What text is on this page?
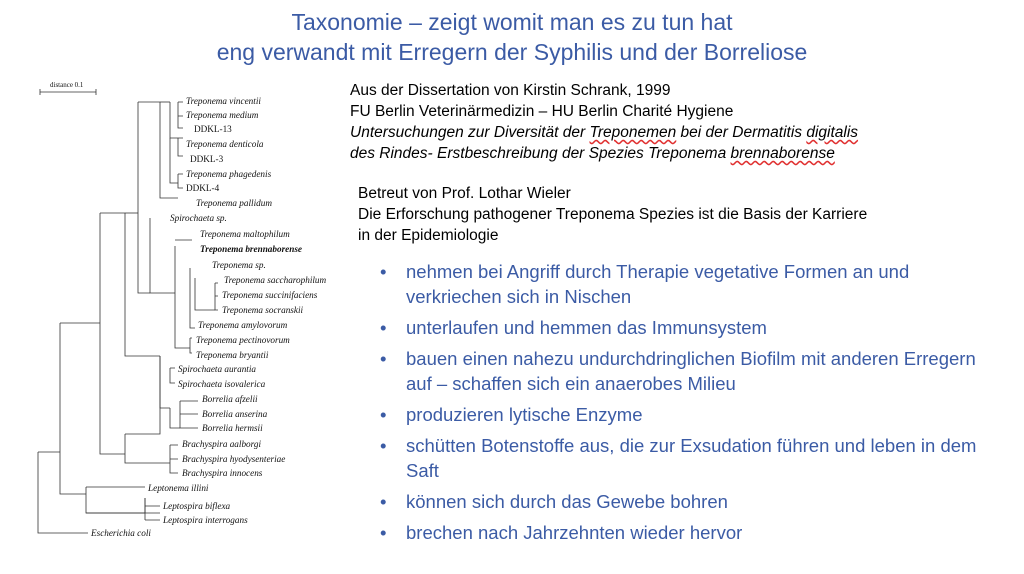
Taxonomie – zeigt womit man es zu tun hat
eng verwandt mit Erregern der Syphilis und der Borreliose
distance 0.1
Treponema vincentii
Treponema medium
DDKL-13
Treponema denticola
DDKL-3
Treponema phagedenis
DDKL-4
Treponema pallidum
Spirochaeta sp.
Treponema maltophilum
Treponema brennaborense
Treponema sp.
Treponema saccharophilum
Treponema succinifaciens
Treponema socranskii
Treponema amylovorum
Treponema pectinovorum
Treponema bryantii
Spirochaeta aurantia
Spirochaeta isovalerica
Borrelia afzelii
Borrelia anserina
Borrelia hermsii
Brachyspira aalborgi
Brachyspira hyodysenteriae
Brachyspira innocens
Leptonema illini
Leptospira biflexa
Leptospira interrogans
Escherichia coli
Aus der Dissertation von Kirstin Schrank, 1999
FU Berlin Veterinärmedizin – HU Berlin Charité Hygiene
Untersuchungen zur Diversität der Treponemen bei der Dermatitis digitalis
des Rindes- Erstbeschreibung der Spezies Treponema brennaborense
Betreut von Prof. Lothar Wieler
Die Erforschung pathogener Treponema Spezies ist die Basis der Karriere
in der Epidemiologie
• nehmen bei Angriff durch Therapie vegetative Formen an und verkriechen sich in Nischen
• unterlaufen und hemmen das Immunsystem
• bauen einen nahezu undurchdringlichen Biofilm mit anderen Erregern auf – schaffen sich ein anaerobes Milieu
• produzieren lytische Enzyme
• schütten Botenstoffe aus, die zur Exsudation führen und leben in dem Saft
• können sich durch das Gewebe bohren
• brechen nach Jahrzehnten wieder hervor
